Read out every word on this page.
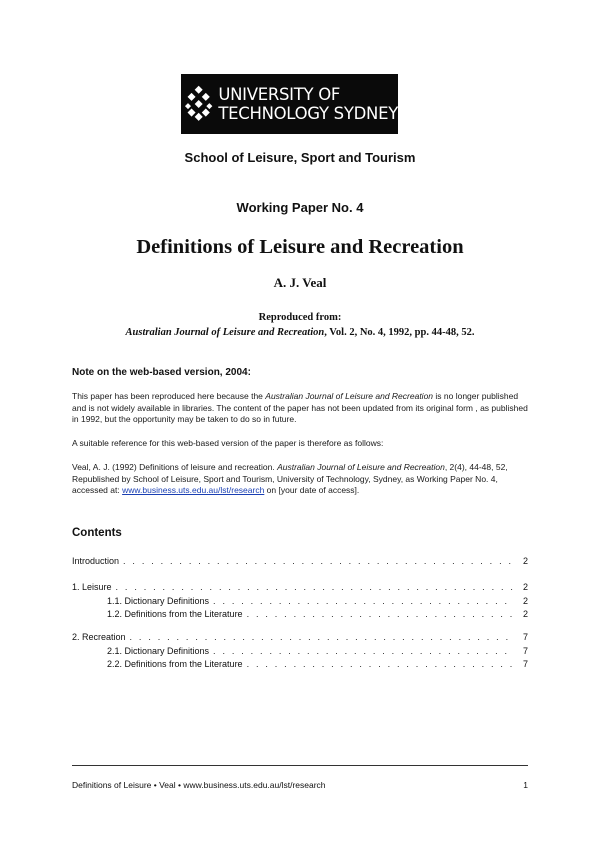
UNIVERSITY OF
TECHNOLOGY SYDNEY
School of Leisure, Sport and Tourism
Working Paper No. 4
Definitions of Leisure and Recreation
A. J. Veal
Reproduced from:
Australian Journal of Leisure and Recreation, Vol. 2, No. 4, 1992, pp. 44-48, 52.
Note on the web-based version, 2004:
This paper has been reproduced here because the Australian Journal of Leisure and Recreation is no longer published and is not widely available in libraries. The content of the paper has not been updated from its original form , as published in 1992, but the opportunity may be taken to do so in future.
A suitable reference for this web-based version of the paper is therefore as follows:
Veal, A. J. (1992) Definitions of leisure and recreation. Australian Journal of Leisure and Recreation, 2(4), 44-48, 52, Republished by School of Leisure, Sport and Tourism, University of Technology, Sydney, as Working Paper No. 4, accessed at: www.business.uts.edu.au/lst/research on [your date of access].
Contents
Introduction . . .	2
1. Leisure . . .	2
1.1. Dictionary Definitions . . .	2
1.2. Definitions from the Literature . . .	2
2. Recreation . . .	7
2.1. Dictionary Definitions . . .	7
2.2. Definitions from the Literature . . .	7
Definitions of Leisure • Veal • www.business.uts.edu.au/lst/research	1
